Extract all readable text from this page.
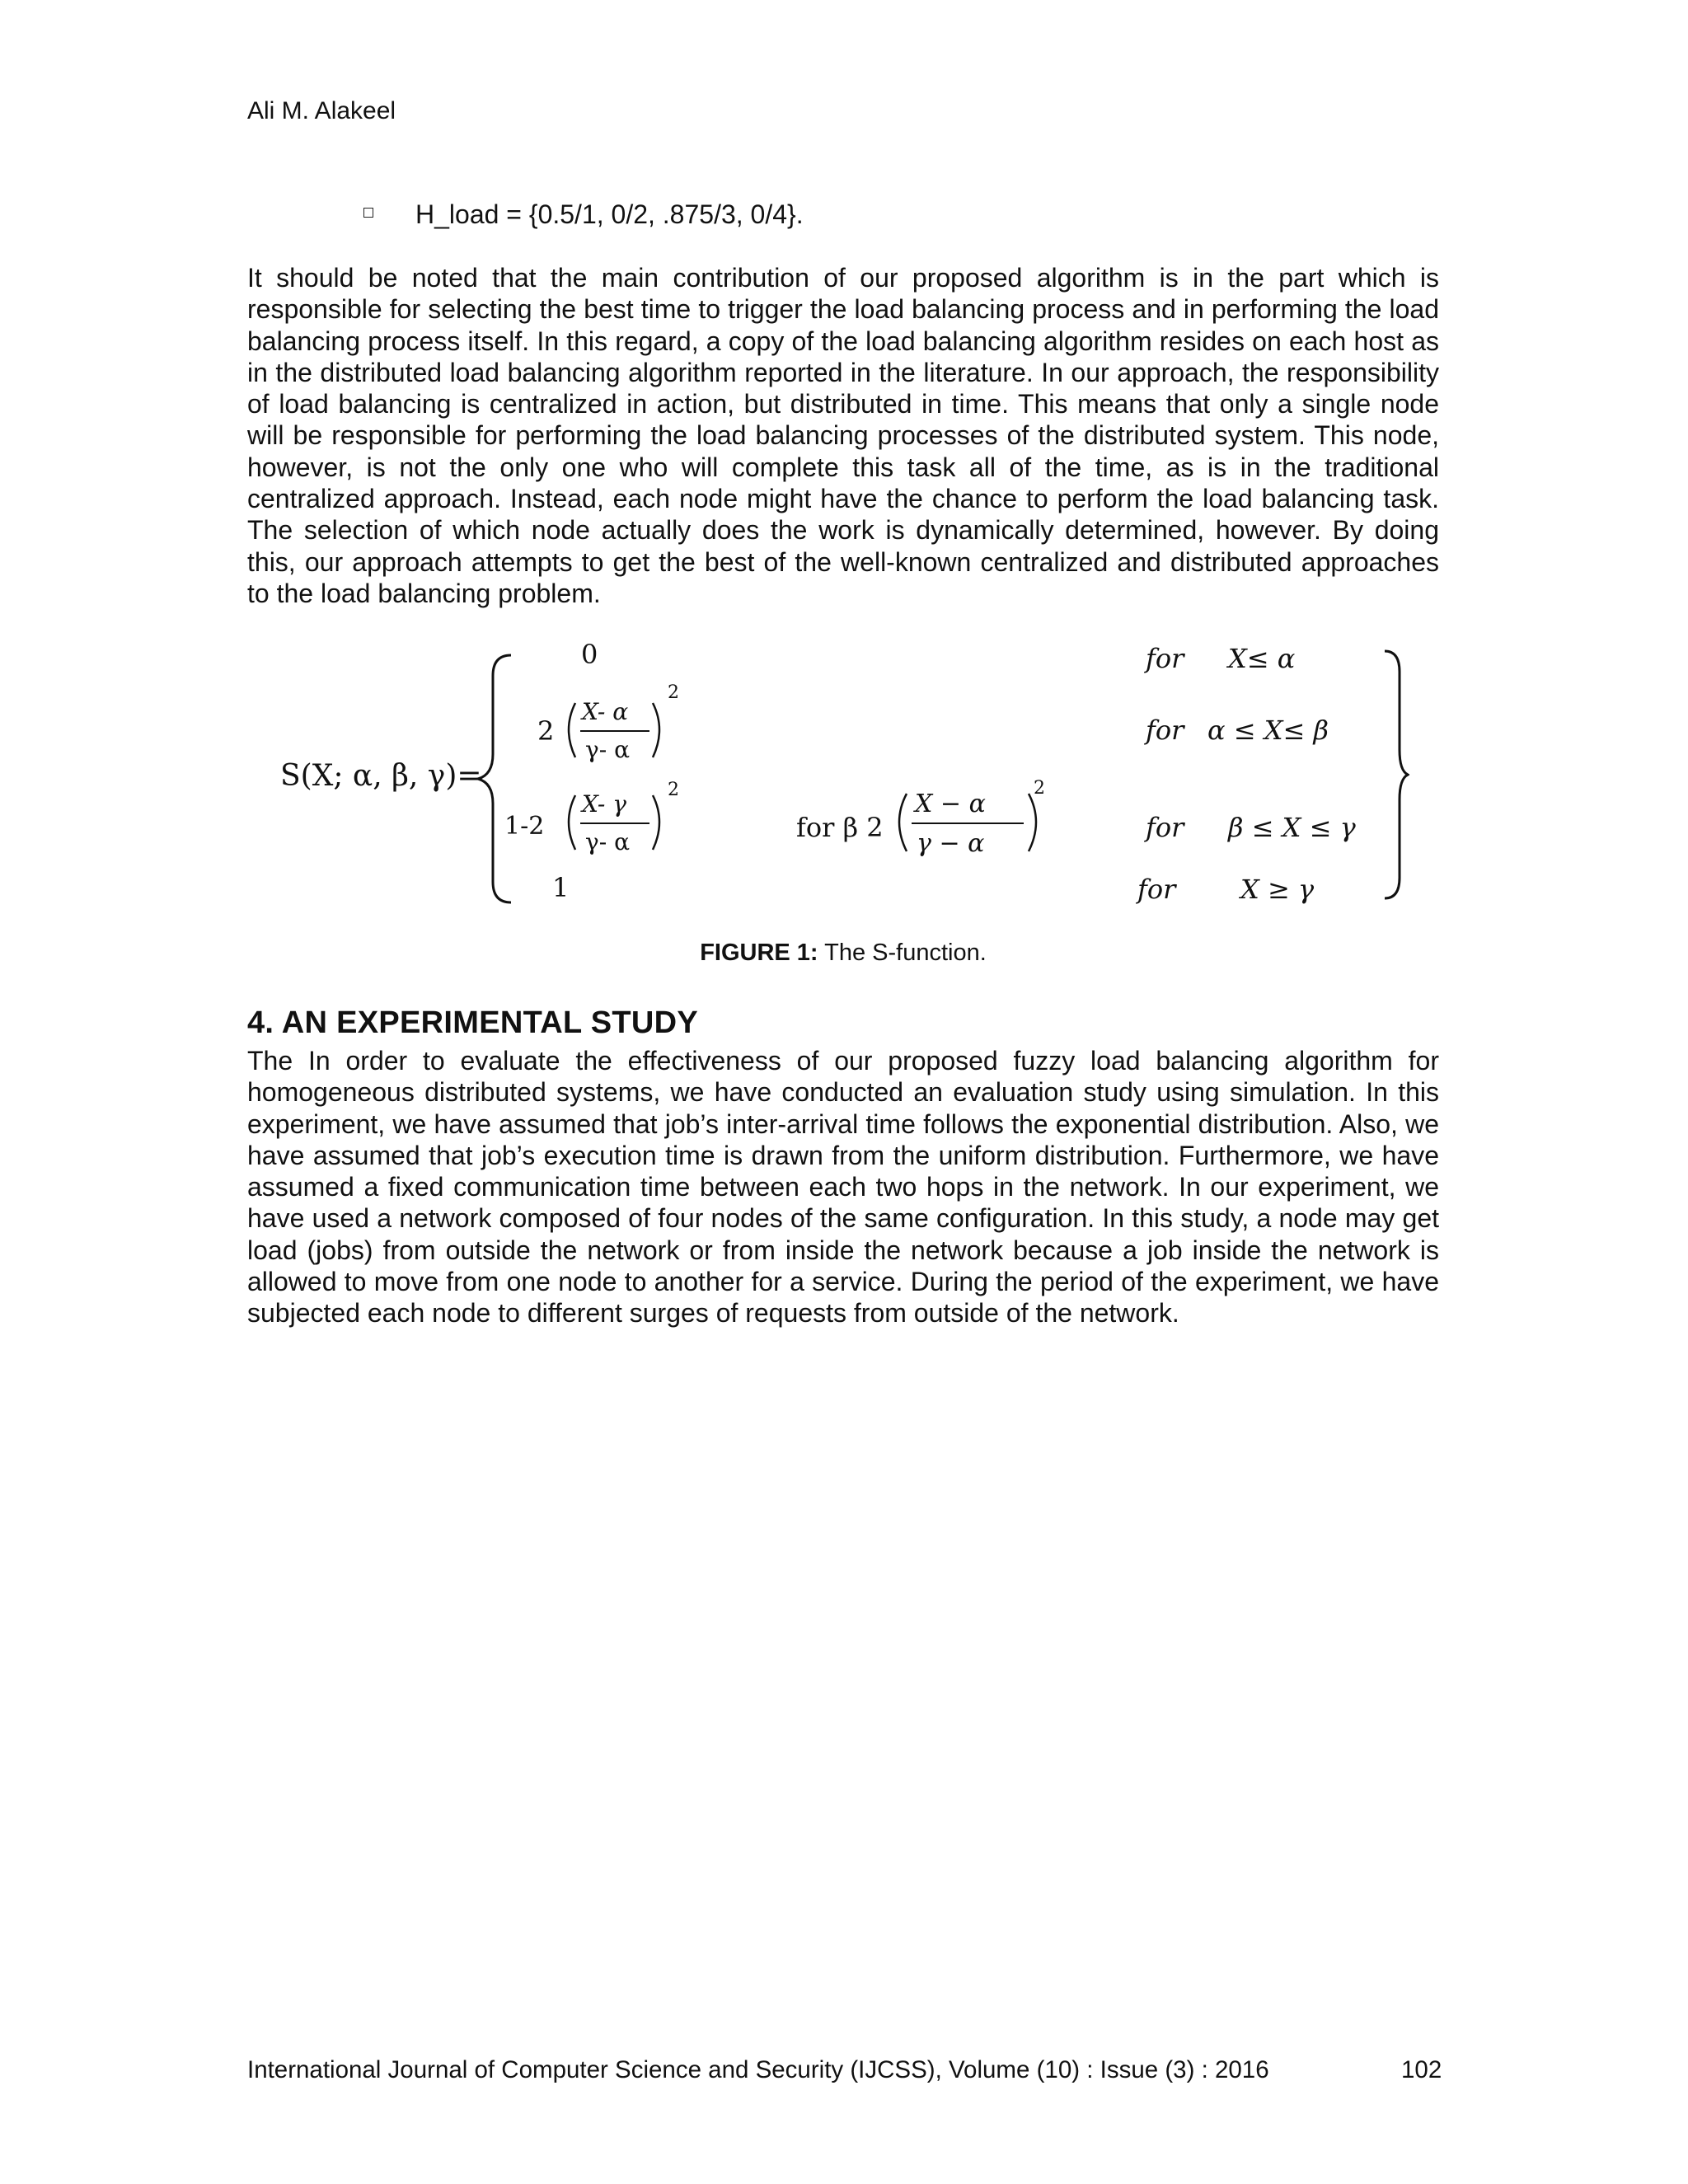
Ali M. Alakeel
H_load = {0.5/1, 0/2, .875/3, 0/4}.
It should be noted that the main contribution of our proposed algorithm is in the part which is responsible for selecting the best time to trigger the load balancing process and in performing the load balancing process itself. In this regard, a copy of the load balancing algorithm resides on each host as in the distributed load balancing algorithm reported in the literature. In our approach, the responsibility of load balancing is centralized in action, but distributed in time. This means that only a single node will be responsible for performing the load balancing processes of the distributed system. This node, however, is not the only one who will complete this task all of the time, as is in the traditional centralized approach. Instead, each node might have the chance to perform the load balancing task. The selection of which node actually does the work is dynamically determined, however. By doing this, our approach attempts to get the best of the well-known centralized and distributed approaches to the load balancing problem.
S(X; α, β, γ)=
0
2
X- α
γ- α
2
1-2
X- γ
γ- α
2
1
for β 2
X − α
γ − α
2
for X≤ α
for α ≤ X≤ β
for β ≤ X ≤ γ
for X ≥ γ
FIGURE 1: The S-function.
4. AN EXPERIMENTAL STUDY
The In order to evaluate the effectiveness of our proposed fuzzy load balancing algorithm for homogeneous distributed systems, we have conducted an evaluation study using simulation. In this experiment, we have assumed that job’s inter-arrival time follows the exponential distribution. Also, we have assumed that job’s execution time is drawn from the uniform distribution. Furthermore, we have assumed a fixed communication time between each two hops in the network. In our experiment, we have used a network composed of four nodes of the same configuration. In this study, a node may get load (jobs) from outside the network or from inside the network because a job inside the network is allowed to move from one node to another for a service. During the period of the experiment, we have subjected each node to different surges of requests from outside of the network.
International Journal of Computer Science and Security (IJCSS), Volume (10) : Issue (3) : 2016	102
